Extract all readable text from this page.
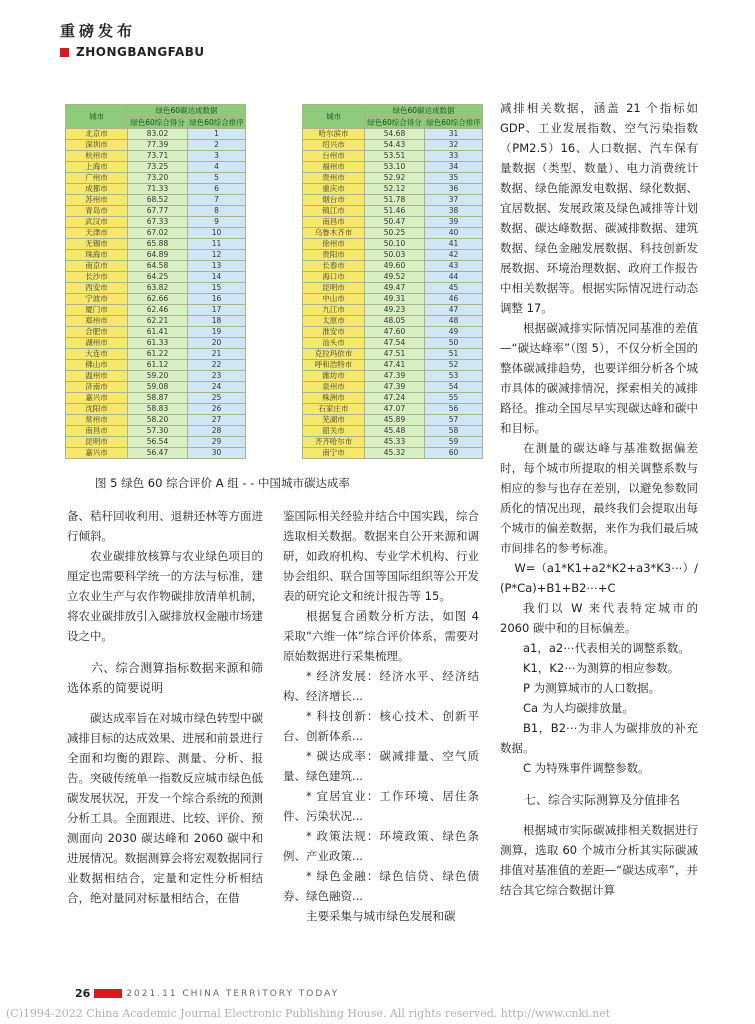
重磅发布
ZHONGBANGFABU
城市	绿色60碳达成数据	
	绿色60综合得分	绿色60综合排序
北京市	83.02	1
深圳市	77.39	2
杭州市	73.71	3
上海市	73.25	4
广州市	73.20	5
成都市	71.33	6
苏州市	68.52	7
青岛市	67.77	8
武汉市	67.33	9
天津市	67.02	10
无锡市	65.88	11
珠海市	64.89	12
南京市	64.58	13
长沙市	64.25	14
西安市	63.82	15
宁波市	62.66	16
厦门市	62.46	17
郑州市	62.21	18
合肥市	61.41	19
湖州市	61.33	20
大连市	61.22	21
佛山市	61.12	22
温州市	59.20	23
济南市	59.08	24
嘉兴市	58.87	25
沈阳市	58.83	26
常州市	58.20	27
南昌市	57.30	28
昆明市	56.54	29
嘉兴市	56.47	30
城市	绿色60碳达成数据	
	绿色60综合得分	绿色60综合排序
哈尔滨市	54.68	31
绍兴市	54.43	32
台州市	53.51	33
福州市	53.10	34
贵州市	52.92	35
重庆市	52.12	36
烟台市	51.78	37
镇江市	51.46	38
南昌市	50.47	39
乌鲁木齐市	50.25	40
徐州市	50.10	41
贵阳市	50.03	42
长春市	49.60	43
海口市	49.52	44
昆明市	49.47	45
中山市	49.31	46
九江市	49.23	47
太原市	48.05	48
淮安市	47.60	49
汕头市	47.54	50
克拉玛依市	47.51	51
呼和浩特市	47.41	52
潍坊市	47.39	53
泉州市	47.39	54
株洲市	47.24	55
石家庄市	47.07	56
芜湖市	45.89	57
韶关市	45.48	58
齐齐哈尔市	45.33	59
南宁市	45.32	60
图 5 绿色 60 综合评价 A 组 - - 中国城市碳达成率

备、秸秆回收利用、退耕还林等方面进行倾斜。

农业碳排放核算与农业绿色项目的厘定也需要科学统一的方法与标准，建立农业生产与农作物碳排放清单机制，将农业碳排放引入碳排放权金融市场建设之中。

六、综合测算指标数据来源和筛选体系的简要说明

碳达成率旨在对城市绿色转型中碳减排目标的达成效果、进展和前景进行全面和均衡的跟踪、测量、分析、报告。突破传统单一指数反应城市绿色低碳发展状况，开发一个综合系统的预测分析工具。全面跟进、比较、评价、预测面向 2030 碳达峰和 2060 碳中和进展情况。数据测算会将宏观数据同行业数据相结合，定量和定性分析相结合，绝对量同对标量相结合，在借

鉴国际相关经验并结合中国实践，综合选取相关数据。数据来自公开来源和调研，如政府机构、专业学术机构、行业协会组织、联合国等国际组织等公开发表的研究论文和统计报告等 15。

根据复合函数分析方法，如图 4 采取“六维一体”综合评价体系，需要对原始数据进行采集梳理。

* 经济发展：经济水平、经济结构、经济增长...

* 科技创新：核心技术、创新平台、创新体系...

* 碳达成率：碳减排量、空气质量、绿色建筑...

* 宜居宜业：工作环境、居住条件、污染状况...

* 政策法规：环境政策、绿色条例、产业政策...

* 绿色金融：绿色信贷、绿色债券、绿色融资...

主要采集与城市绿色发展和碳

减排相关数据，涵盖 21 个指标如 GDP、工业发展指数、空气污染指数（PM2.5）16、人口数据、汽车保有量数据（类型、数量）、电力消费统计数据、绿色能源发电数据、绿化数据、宜居数据、发展政策及绿色减排等计划数据、碳达峰数据、碳减排数据、建筑数据、绿色金融发展数据、科技创新发展数据、环境治理数据、政府工作报告中相关数据等。根据实际情况进行动态调整 17。

根据碳减排实际情况同基准的差值—“碳达峰率”（图 5），不仅分析全国的整体碳减排趋势，也要详细分析各个城市具体的碳减排情况，探索相关的减排路径。推动全国尽早实现碳达峰和碳中和目标。

在测量的碳达峰与基准数据偏差时，每个城市所提取的相关调整系数与相应的参与也存在差别，以避免参数同质化的情况出现，最终我们会提取出每个城市的偏差数据，来作为我们最后城市间排名的参考标准。

W=（a1*K1+a2*K2+a3*K3⋯）/

(P*Ca)+B1+B2⋯+C

我们以 W 来代表特定城市的 2060 碳中和的目标偏差。

a1，a2⋯代表相关的调整系数。

K1，K2⋯为测算的相应参数。

P 为测算城市的人口数据。

Ca 为人均碳排放量。

B1，B2⋯为非人为碳排放的补充数据。

C 为特殊事件调整参数。

七、综合实际测算及分值排名

根据城市实际碳减排相关数据进行测算，选取 60 个城市分析其实际碳减排值对基准值的差距—“碳达成率”，并结合其它综合数据计算

26	2021.11 CHINA TERRITORY TODAY
(C)1994-2022 China Academic Journal Electronic Publishing House. All rights reserved. http://www.cnki.net
